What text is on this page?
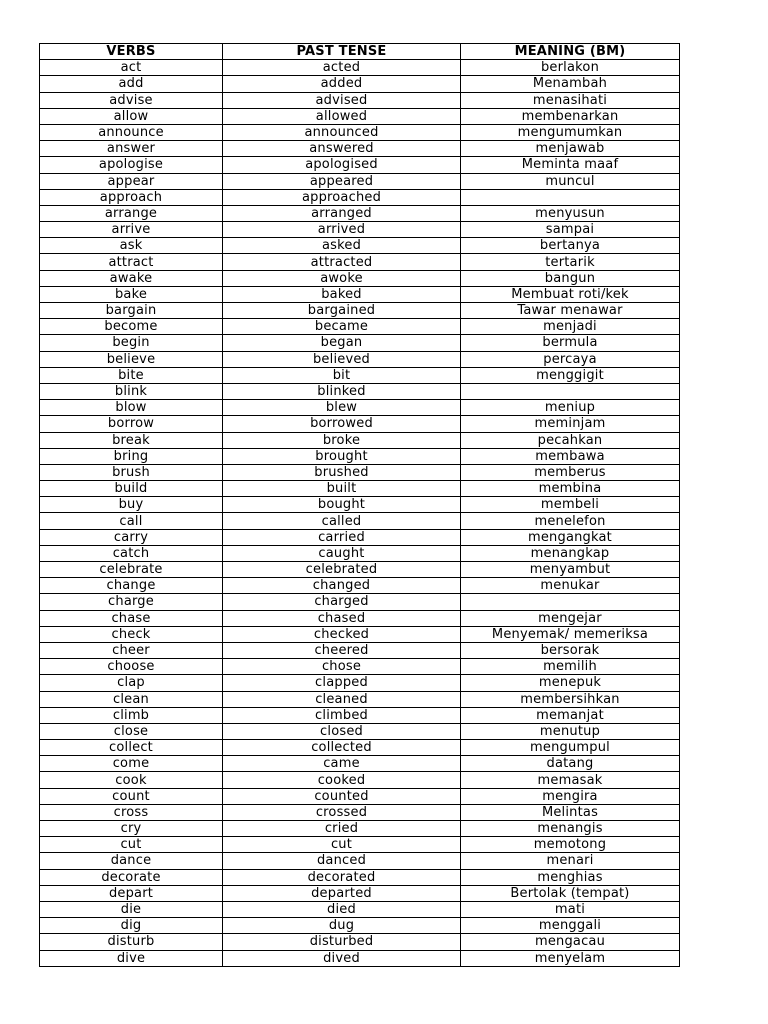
VERBS	PAST TENSE	MEANING (BM)
act	acted	berlakon
add	added	Menambah
advise	advised	menasihati
allow	allowed	membenarkan
announce	announced	mengumumkan
answer	answered	menjawab
apologise	apologised	Meminta maaf
appear	appeared	muncul
approach	approached	
arrange	arranged	menyusun
arrive	arrived	sampai
ask	asked	bertanya
attract	attracted	tertarik
awake	awoke	bangun
bake	baked	Membuat roti/kek
bargain	bargained	Tawar menawar
become	became	menjadi
begin	began	bermula
believe	believed	percaya
bite	bit	menggigit
blink	blinked	
blow	blew	meniup
borrow	borrowed	meminjam
break	broke	pecahkan
bring	brought	membawa
brush	brushed	memberus
build	built	membina
buy	bought	membeli
call	called	menelefon
carry	carried	mengangkat
catch	caught	menangkap
celebrate	celebrated	menyambut
change	changed	menukar
charge	charged	
chase	chased	mengejar
check	checked	Menyemak/ memeriksa
cheer	cheered	bersorak
choose	chose	memilih
clap	clapped	menepuk
clean	cleaned	membersihkan
climb	climbed	memanjat
close	closed	menutup
collect	collected	mengumpul
come	came	datang
cook	cooked	memasak
count	counted	mengira
cross	crossed	Melintas
cry	cried	menangis
cut	cut	memotong
dance	danced	menari
decorate	decorated	menghias
depart	departed	Bertolak (tempat)
die	died	mati
dig	dug	menggali
disturb	disturbed	mengacau
dive	dived	menyelam
